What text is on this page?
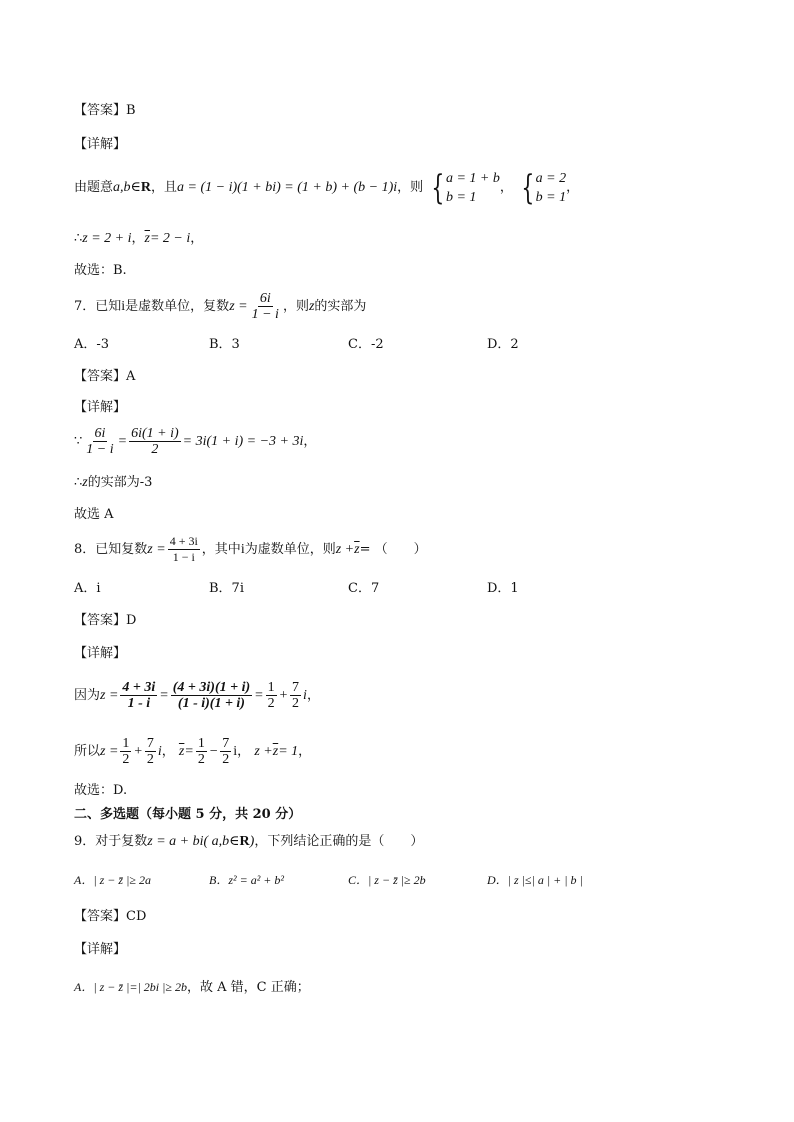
【答案】B
【详解】
由题意a,b∈R，且a = (1 − i)(1 + bi) = (1 + b) + (b − 1)i，则 { a = 1 + b
b = 1
， { a = 2
b = 1
，
∴z = 2 + i，$\overline{z}= 2 - i$，
故选：B.
7．已知i是虚数单位，复数$z = \frac{6i}{1 - i}$ ，则z的实部为
A．-3	B．3	C．-2	D．2
【答案】A
【详解】
∵ $\frac{6i}{1 - i} = \frac{6i(1 + i)}{2} = 3i(1 + i) = -3 + 3i$，
∴z的实部为-3
故选 A
8．已知复数$z = \frac{4 + 3i}{1 - i}$ ，其中i为虚数单位，则$z +\overline{z}=$ （　　）
A．i	B．7i	C．7	D．1
【答案】D
【详解】
因为$z = \frac{4 + 3i}{1 - i} = \frac{(4 + 3i)(1 + i)}{(1 - i)(1 + i)} = \frac{1}{2} + \frac{7}{2}$ i，
所以$z = \frac{1}{2} + \frac{7}{2}$ i， $\overline{z}= \frac{1}{2} - \frac{7}{2}$ i， $z +\overline{z}= 1$，
故选：D.
二、多选题（每小题 5 分，共 20 分）
9．对于复数z = a + bi( a,b∈R)，下列结论正确的是（　　）
A．| z − z̄ |≥ 2a	B．z² = a² + b²	C．| z − z̄ |≥ 2b	D．| z |≤| a | + | b |
【答案】CD
【详解】
A．| z − z̄ |=| 2bi |≥ 2b，故 A 错，C 正确；
